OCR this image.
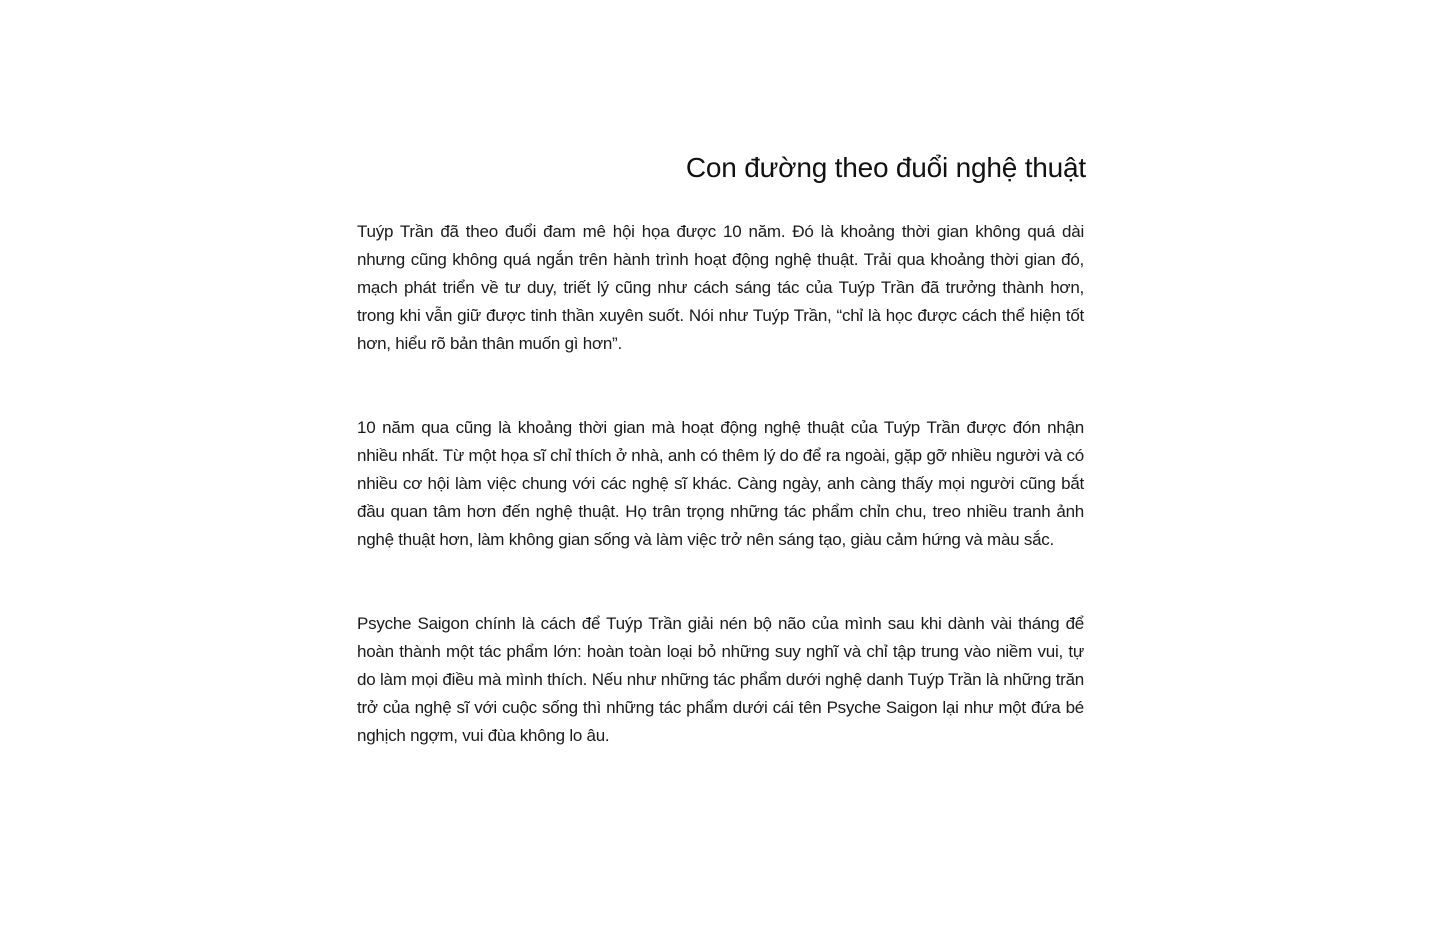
Con đường theo đuổi nghệ thuật

Tuýp Trần đã theo đuổi đam mê hội họa được 10 năm. Đó là khoảng thời gian không quá dài nhưng cũng không quá ngắn trên hành trình hoạt động nghệ thuật. Trải qua khoảng thời gian đó, mạch phát triển về tư duy, triết lý cũng như cách sáng tác của Tuýp Trần đã trưởng thành hơn, trong khi vẫn giữ được tinh thần xuyên suốt. Nói như Tuýp Trần, “chỉ là học được cách thể hiện tốt hơn, hiểu rõ bản thân muốn gì hơn”.

10 năm qua cũng là khoảng thời gian mà hoạt động nghệ thuật của Tuýp Trần được đón nhận nhiều nhất. Từ một họa sĩ chỉ thích ở nhà, anh có thêm lý do để ra ngoài, gặp gỡ nhiều người và có nhiều cơ hội làm việc chung với các nghệ sĩ khác. Càng ngày, anh càng thấy mọi người cũng bắt đầu quan tâm hơn đến nghệ thuật. Họ trân trọng những tác phẩm chỉn chu, treo nhiều tranh ảnh nghệ thuật hơn, làm không gian sống và làm việc trở nên sáng tạo, giàu cảm hứng và màu sắc.

Psyche Saigon chính là cách để Tuýp Trần giải nén bộ não của mình sau khi dành vài tháng để hoàn thành một tác phẩm lớn: hoàn toàn loại bỏ những suy nghĩ và chỉ tập trung vào niềm vui, tự do làm mọi điều mà mình thích. Nếu như những tác phẩm dưới nghệ danh Tuýp Trần là những trăn trở của nghệ sĩ với cuộc sống thì những tác phẩm dưới cái tên Psyche Saigon lại như một đứa bé nghịch ngợm, vui đùa không lo âu.
